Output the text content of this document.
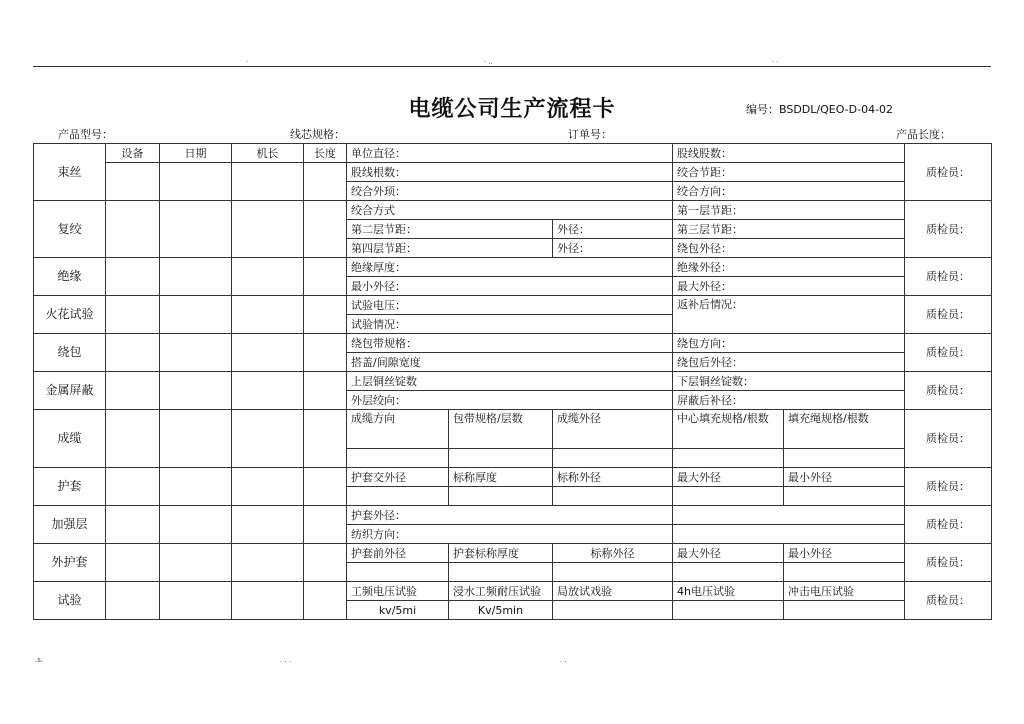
·	· ..	· ·
电缆公司生产流程卡	编号：BSDDL/QEO-D-04-02
产品型号：	线芯规格：	订单号：	产品长度：
束丝	设备	日期	机长	长度	单位直径：			股线股数：		质检员：
					股线根数：			绞合节距：		
					绞合外顼：			绞合方向：		
复绞					绞合方式			第一层节距：		质检员：
					第二层节距：		外径：	第三层节距：		
					第四层节距：		外径：	绕包外径：		
绝缘					绝缘厚度：			绝缘外径：		质检员：
					最小外径：			最大外径：		
火花试验					试验电压：			返补后情况：		质检员：
					试验情况：					
绕包					绕包带规格：			绕包方向：		质检员：
					搭盖/间隙宽度			绕包后外径：		
金属屏蔽					上层铜丝锭数			下层铜丝锭数：		质检员：
					外层绞向：			屏蔽后补径：		
成缆					成缆方向	包带规格/层数	成缆外径	中心填充规格/根数	填充绳规格/根数	质检员：

护套					护套交外径	标称厚度	标称外径	最大外径	最小外径	质检员：

加强层					护套外径：					质检员：
					纺织方向：					
外护套					护套前外径	护套标称厚度	标称外径	最大外径	最小外径	质检员：

试验					工频电压试验	浸水工频耐压试验	局放试戏验	4h电压试验	冲击电压试验	质检员：
					kv/5mi	Kv/5min				
.s.	· · ·	· ·
